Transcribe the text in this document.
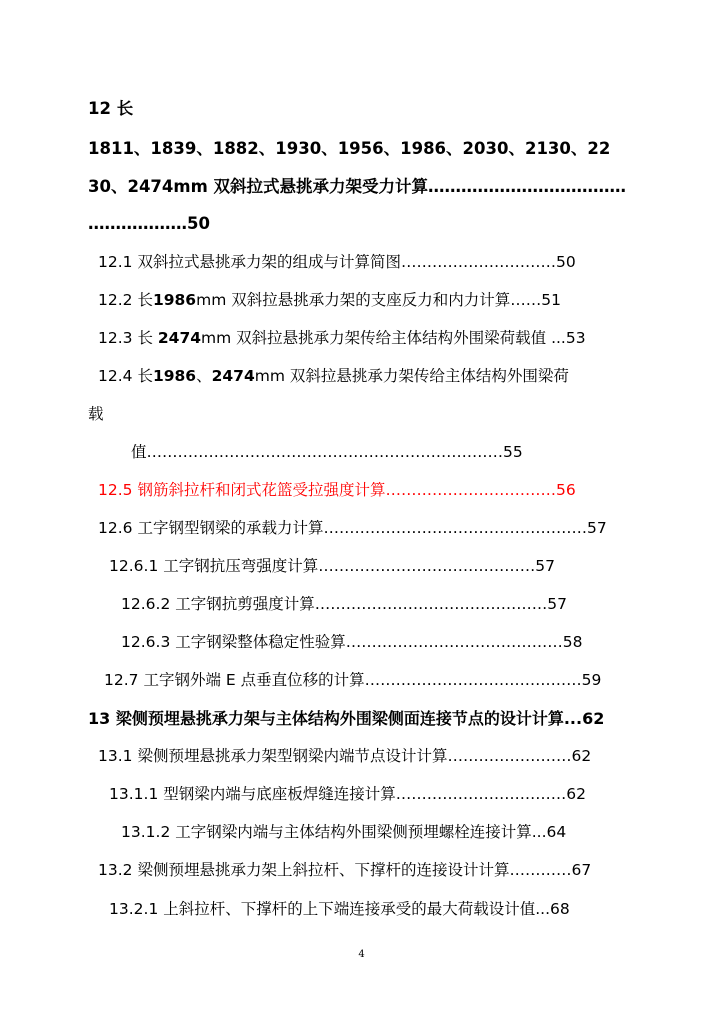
12 长
1811、1839、1882、1930、1956、1986、2030、2130、22
30、2474mm 双斜拉式悬挑承力架受力计算………………………………
………………50
12.1 双斜拉式悬挑承力架的组成与计算简图…………………………50
12.2 长1986mm 双斜拉悬挑承力架的支座反力和内力计算……51
12.3 长 2474mm 双斜拉悬挑承力架传给主体结构外围梁荷载值 ...53
12.4 长1986、2474mm 双斜拉悬挑承力架传给主体结构外围梁荷
载
值……………………………………………………………55
12.5 钢筋斜拉杆和闭式花篮受拉强度计算……………………………56
12.6 工字钢型钢梁的承载力计算……………………………………………57
12.6.1 工字钢抗压弯强度计算……………………………………57
12.6.2 工字钢抗剪强度计算………………………………………57
12.6.3 工字钢梁整体稳定性验算……………………………………58
12.7 工字钢外端 E 点垂直位移的计算……………………………………59
13 梁侧预埋悬挑承力架与主体结构外围梁侧面连接节点的设计计算...62
13.1 梁侧预埋悬挑承力架型钢梁内端节点设计计算……………………62
13.1.1 型钢梁内端与底座板焊缝连接计算……………………………62
13.1.2 工字钢梁内端与主体结构外围梁侧预埋螺栓连接计算...64
13.2 梁侧预埋悬挑承力架上斜拉杆、下撑杆的连接设计计算…………67
13.2.1 上斜拉杆、下撑杆的上下端连接承受的最大荷载设计值...68
4
